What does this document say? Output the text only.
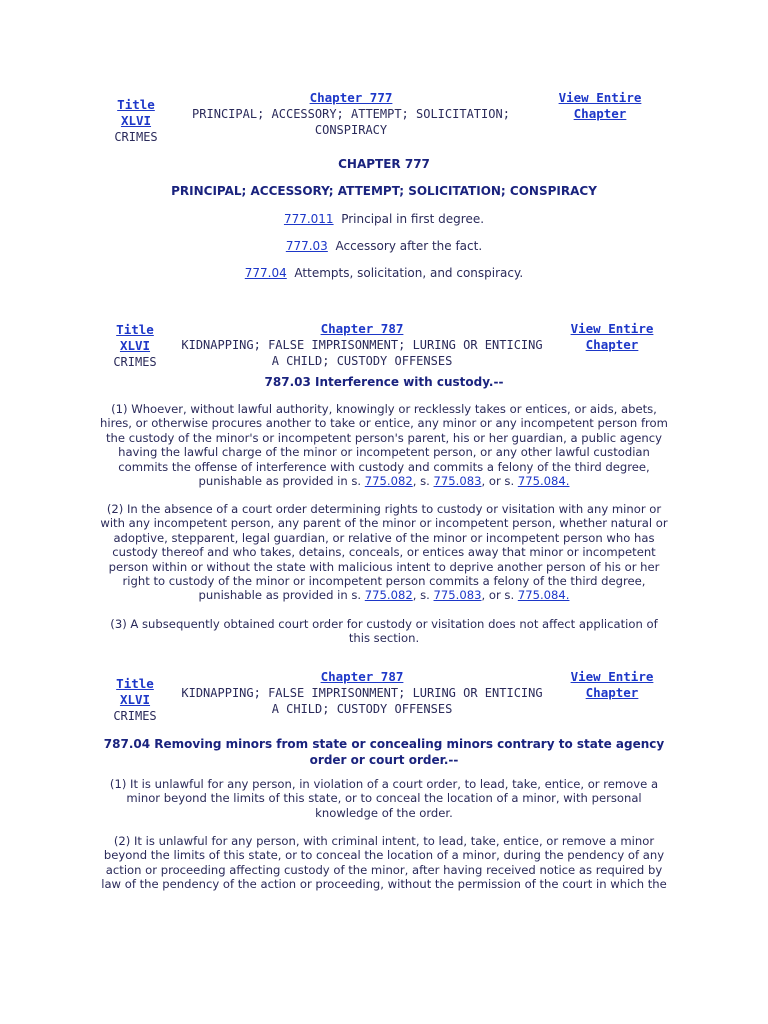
Title
XLVI
CRIMES
Chapter 777
PRINCIPAL; ACCESSORY; ATTEMPT; SOLICITATION; CONSPIRACY
View Entire
Chapter
CHAPTER 777
PRINCIPAL; ACCESSORY; ATTEMPT; SOLICITATION; CONSPIRACY
777.011 Principal in first degree.
777.03 Accessory after the fact.
777.04 Attempts, solicitation, and conspiracy.
Title
XLVI
CRIMES
Chapter 787
KIDNAPPING; FALSE IMPRISONMENT; LURING OR ENTICING
A CHILD; CUSTODY OFFENSES
View Entire
Chapter
787.03 Interference with custody.--
(1) Whoever, without lawful authority, knowingly or recklessly takes or entices, or aids, abets, hires, or otherwise procures another to take or entice, any minor or any incompetent person from the custody of the minor's or incompetent person's parent, his or her guardian, a public agency having the lawful charge of the minor or incompetent person, or any other lawful custodian commits the offense of interference with custody and commits a felony of the third degree, punishable as provided in s. 775.082, s. 775.083, or s. 775.084.
(2) In the absence of a court order determining rights to custody or visitation with any minor or with any incompetent person, any parent of the minor or incompetent person, whether natural or adoptive, stepparent, legal guardian, or relative of the minor or incompetent person who has custody thereof and who takes, detains, conceals, or entices away that minor or incompetent person within or without the state with malicious intent to deprive another person of his or her right to custody of the minor or incompetent person commits a felony of the third degree, punishable as provided in s. 775.082, s. 775.083, or s. 775.084.
(3) A subsequently obtained court order for custody or visitation does not affect application of this section.
Title
XLVI
CRIMES
Chapter 787
KIDNAPPING; FALSE IMPRISONMENT; LURING OR ENTICING
A CHILD; CUSTODY OFFENSES
View Entire
Chapter
787.04 Removing minors from state or concealing minors contrary to state agency order or court order.--
(1) It is unlawful for any person, in violation of a court order, to lead, take, entice, or remove a minor beyond the limits of this state, or to conceal the location of a minor, with personal knowledge of the order.
(2) It is unlawful for any person, with criminal intent, to lead, take, entice, or remove a minor beyond the limits of this state, or to conceal the location of a minor, during the pendency of any action or proceeding affecting custody of the minor, after having received notice as required by law of the pendency of the action or proceeding, without the permission of the court in which the
